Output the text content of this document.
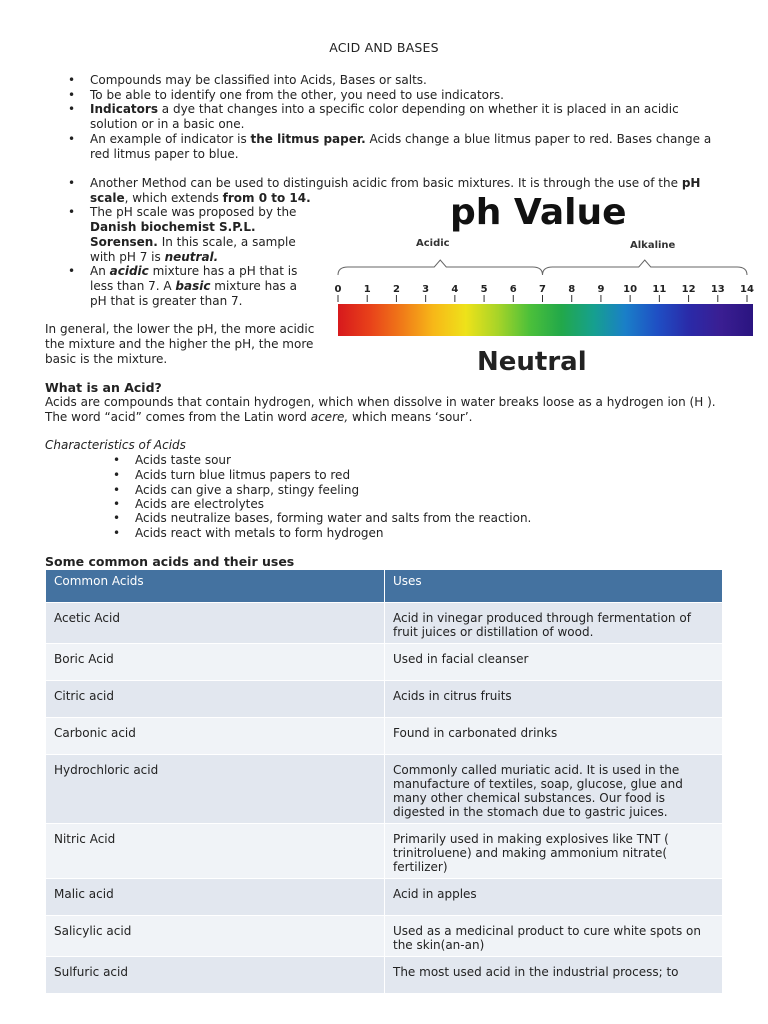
ACID AND BASES
• Compounds may be classified into Acids, Bases or salts.
• To be able to identify one from the other, you need to use indicators.
• Indicators a dye that changes into a specific color depending on whether it is placed in an acidic solution or in a basic one.
• An example of indicator is the litmus paper. Acids change a blue litmus paper to red. Bases change a red litmus paper to blue.
• Another Method can be used to distinguish acidic from basic mixtures. It is through the use of the pH scale, which extends from 0 to 14.
• The pH scale was proposed by the Danish biochemist S.P.L. Sorensen. In this scale, a sample with pH 7 is neutral.
• An acidic mixture has a pH that is less than 7. A basic mixture has a pH that is greater than 7.
In general, the lower the pH, the more acidic the mixture and the higher the pH, the more basic is the mixture.
ph Value
Acidic	Alkaline
0 1 2 3 4 5 6 7 8 9 10 11 12 13 14
Neutral
What is an Acid?
Acids are compounds that contain hydrogen, which when dissolve in water breaks loose as a hydrogen ion (H ). The word “acid” comes from the Latin word acere, which means ‘sour’.
Characteristics of Acids
• Acids taste sour
• Acids turn blue litmus papers to red
• Acids can give a sharp, stingy feeling
• Acids are electrolytes
• Acids neutralize bases, forming water and salts from the reaction.
• Acids react with metals to form hydrogen
Some common acids and their uses
Common Acids	Uses
Acetic Acid	Acid in vinegar produced through fermentation of fruit juices or distillation of wood.
Boric Acid	Used in facial cleanser
Citric acid	Acids in citrus fruits
Carbonic acid	Found in carbonated drinks
Hydrochloric acid	Commonly called muriatic acid. It is used in the manufacture of textiles, soap, glucose, glue and many other chemical substances. Our food is digested in the stomach due to gastric juices.
Nitric Acid	Primarily used in making explosives like TNT ( trinitroluene) and making ammonium nitrate( fertilizer)
Malic acid	Acid in apples
Salicylic acid	Used as a medicinal product to cure white spots on the skin(an-an)
Sulfuric acid	The most used acid in the industrial process; to
